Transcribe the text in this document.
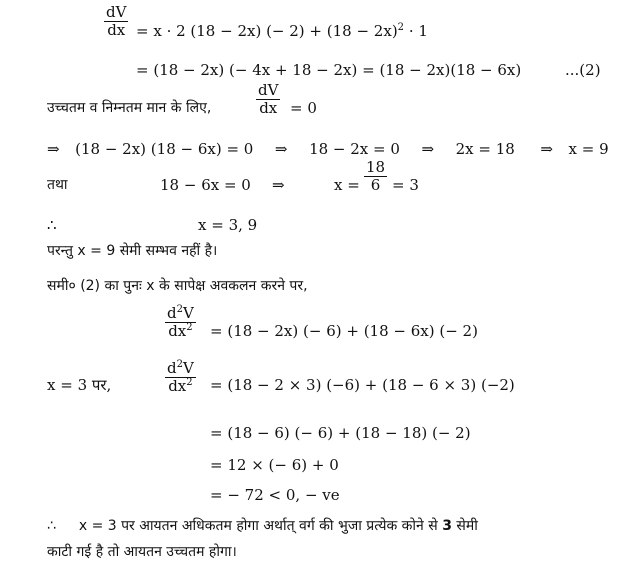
dV
dx = x · 2 (18 − 2x) (− $2) + (18 - 2x)^2 \cdot 1$
= (18 − 2x) (− 4x + 18 − 2x) = (18 − 2x)(18 − 6x)	...(2)
उच्चतम व निम्नतम मान के लिए,
dV
dx = 0
⇒ (18 − 2x) (18 − 6x) = 0 ⇒ 18 − 2x = 0 ⇒ 2x = 18 ⇒ x = 9
तथा	18 − 6x = 0 ⇒	x =
18
6 = 3
∴	x = 3, 9
परन्तु x = 9 सेमी सम्भव नहीं है।
समी० (2) का पुनः x के सापेक्ष अवकलन करने पर,
$d^2V$
$dx^2 = (18 - 2x)$ (− 6) + (18 − 6x) (− 2)
x = 3 पर,
$d^2V$
$dx^2 = (18 - 2 \times 3) (-6) + (18 - 6 \times 3)$ (−2)
= (18 − 6) (− 6) + (18 − 18) (− 2)
= 12 × (− 6) + 0
= − 72 < 0, − ve
∴ x = 3 पर आयतन अधिकतम होगा अर्थात् वर्ग की भुजा प्रत्येक कोने से 3 सेमी
काटी गई है तो आयतन उच्चतम होगा।
